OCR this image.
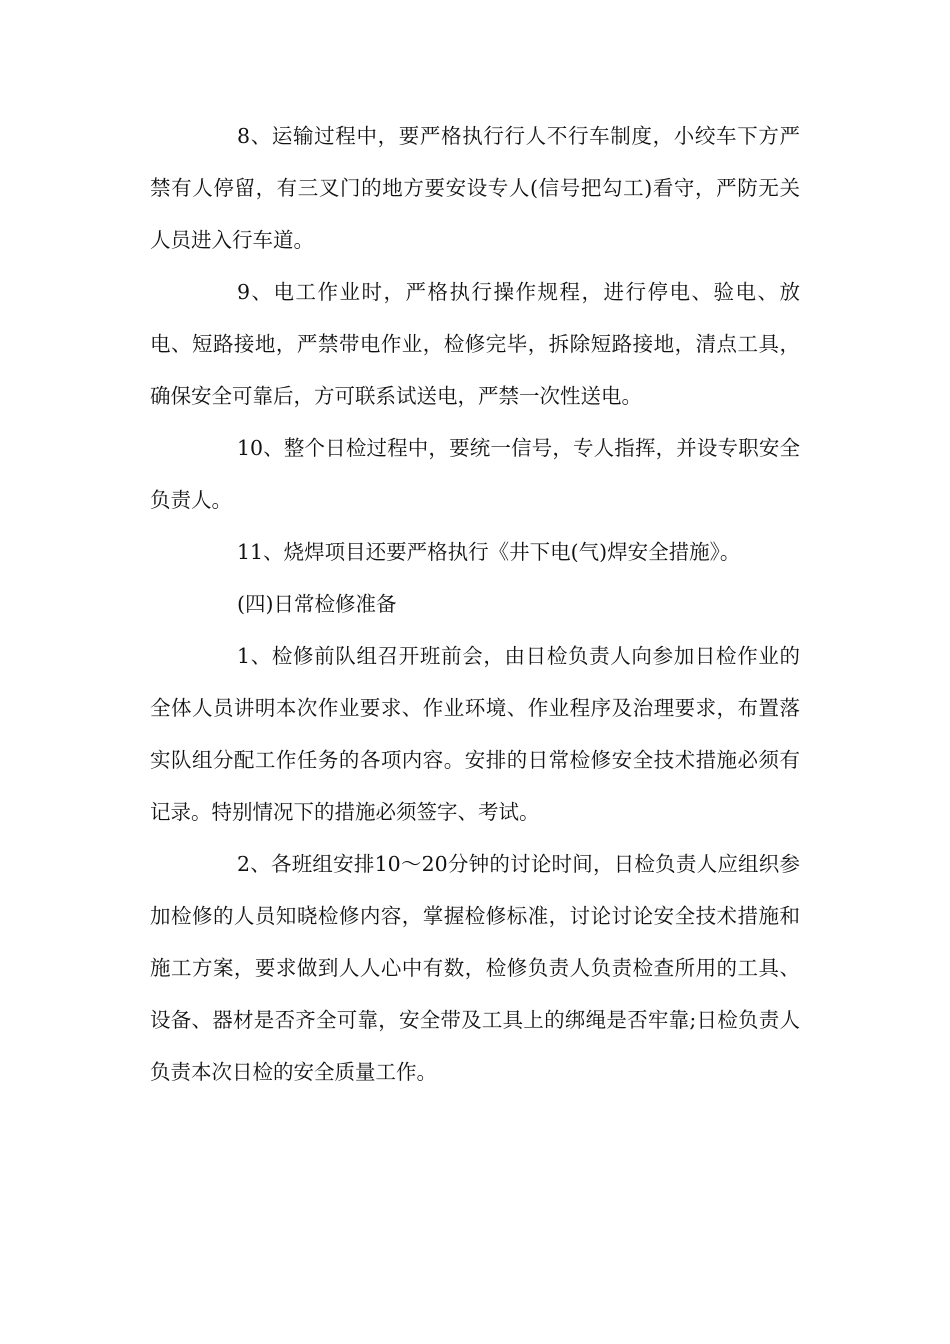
8、运输过程中，要严格执行行人不行车制度，小绞车下方严禁有人停留，有三叉门的地方要安设专人(信号把勾工)看守，严防无关人员进入行车道。

9、电工作业时，严格执行操作规程，进行停电、验电、放电、短路接地，严禁带电作业，检修完毕，拆除短路接地，清点工具，确保安全可靠后，方可联系试送电，严禁一次性送电。

10、整个日检过程中，要统一信号，专人指挥，并设专职安全负责人。

11、烧焊项目还要严格执行《井下电(气)焊安全措施》。

(四)日常检修准备

1、检修前队组召开班前会，由日检负责人向参加日检作业的全体人员讲明本次作业要求、作业环境、作业程序及治理要求，布置落实队组分配工作任务的各项内容。安排的日常检修安全技术措施必须有记录。特别情况下的措施必须签字、考试。

2、各班组安排10～20分钟的讨论时间，日检负责人应组织参加检修的人员知晓检修内容，掌握检修标准，讨论讨论安全技术措施和施工方案，要求做到人人心中有数，检修负责人负责检查所用的工具、设备、器材是否齐全可靠，安全带及工具上的绑绳是否牢靠;日检负责人负责本次日检的安全质量工作。
